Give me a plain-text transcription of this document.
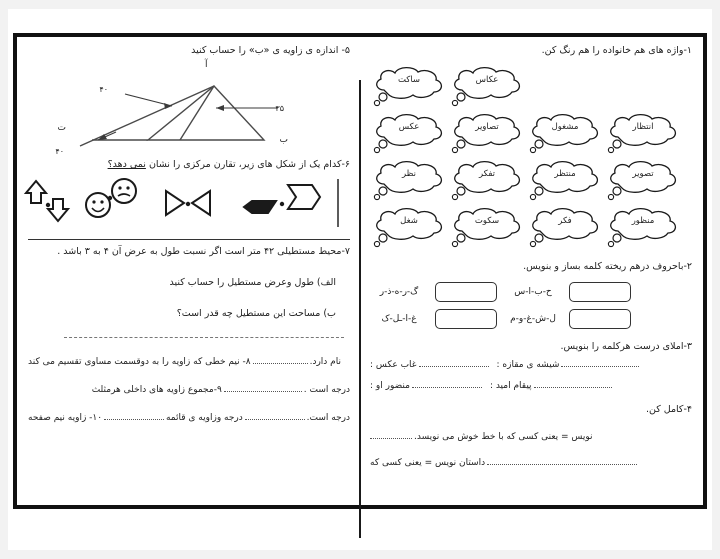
۱-واژه های هم خانواده را هم رنگ کن.
ساکت	عکاس
عکس	تصاویر	مشغول	انتظار
نظر	تفکر	منتظر	تصویر
شغل	سکوت	فکر	منظور
۲-باحروف درهم ریخته کلمه بساز و بنویس.
گ-ر-ه-ذ-ر	ح-ب-ا-س
غ-ا-ـل-ک	ل-ش-غ-و-م
۳-املای درست هرکلمه را بنویس.
غاب عکس :	شیشه ی مقازه :
منضور او :	پیقام امید :
۴-کامل کن.
نویس = یعنی کسی که با خط خوش می نویسد.
داستان نویس = یعنی کسی که
۵- اندازه ی زاویه ی «ب» را حساب کنید
آ
۴۰
۳۵
۴۰
ت
ب
۶-کدام یک از شکل های زیر، تقارن مرکزی را نشان نمی دهد؟
۷-محیط مستطیلی ۴۲ متر است اگر نسبت طول به عرض آن ۴ به ۳ باشد .
الف) طول وعرض مستطیل را حساب کنید
ب) مساحت این مستطیل چه قدر است؟
۸- نیم خطی که زاویه را به دوقسمت مساوی تقسیم می کند	نام دارد.
۹-مجموع زاویه های داخلی هرمثلث	درجه است .
۱۰- زاویه نیم صفحه	درجه وزاویه ی قائمه	درجه است.
